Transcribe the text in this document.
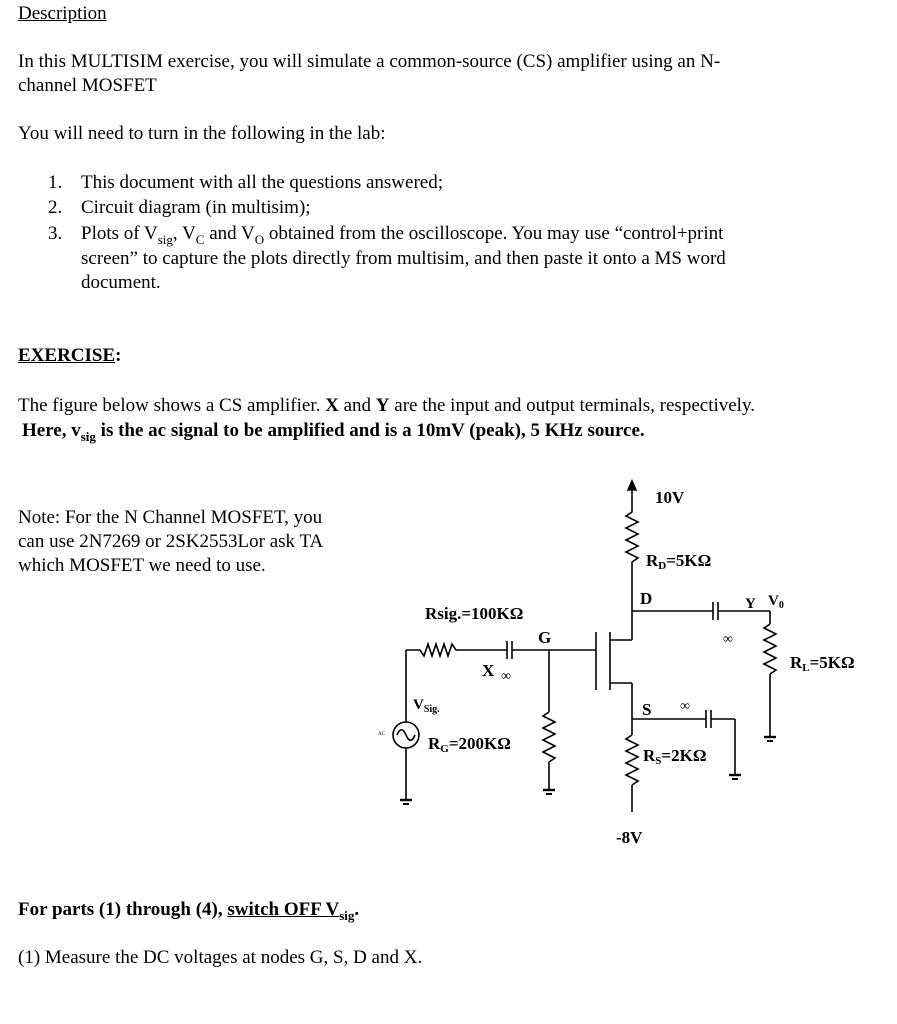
Description
In this MULTISIM exercise, you will simulate a common-source (CS) amplifier using an N-
channel MOSFET
You will need to turn in the following in the lab:
1. This document with all the questions answered;
2. Circuit diagram (in multisim);
3. Plots of $V_{sig}$, $V_C$ and $V_O$ obtained from the oscilloscope. You may use “control+print
screen” to capture the plots directly from multisim, and then paste it onto a MS word
document.
EXERCISE:
The figure below shows a CS amplifier. X and Y are the input and output terminals, respectively.
Here, $v_{sig}$ is the ac signal to be amplified and is a 10mV (peak), 5 KHz source.
Note: For the N Channel MOSFET, you
can use 2N7269 or 2SK2553Lor ask TA
which MOSFET we need to use.
10V
RD=5KΩ
D	Y $V_0$
RL=5KΩ
Rsig.=100KΩ
G
X
$V_{Sig.}$
RG=200KΩ
S
RS=2KΩ
-8V
∞
∞
∞
AC
For parts (1) through (4), switch OFF $V_{sig}$.
(1) Measure the DC voltages at nodes G, S, D and X.
